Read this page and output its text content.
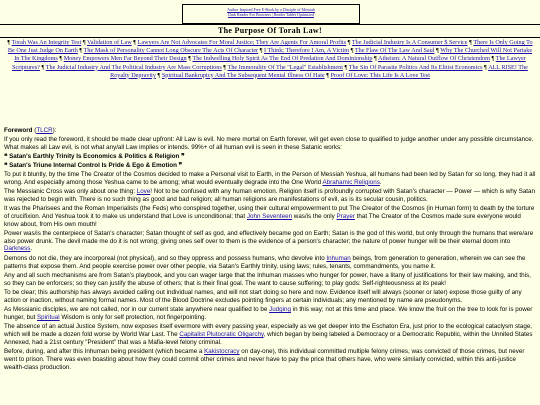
Author Inspired Free E-Book by a Disciple of Messiah
Dark Reader For Browsers | Reader Tablet Optimized
The Purpose Of Torah Law!
¶ Torah Was An Integrity Test ¶ Validation of Law ¶ Lawyers Are Not Advocates For Moral Justice; They Are Agents For Amoral Profits ¶ The Judicial Industry Is A Consumer $ Service ¶ There Is Only Going To Be One Just Judge On Earth ¶ The Mask of Personality Cannot Long Obscure The Acts Of Character ¶ I Think; Therefore I Am, A Victim ¶ The Flaw Of The Law And Saul ¶ Why The Churched Will Not Partake In The Kingdoms ¶ Money Empowers Men Far Beyond Their Design ¶ The Indwelling Holy Spirit As The End Of Predation And Dominionship ¶ Atheism: A Natural Outflow Of Christendom ¶ The Lawyer Scriptures? ¶ The Judicial Industry And The Political Industry Are Mass Corruptions ¶ The Immorality Of The "Legal" Establishment ¶ The Sin Of Parasite Politics And Its Elitist Economics ¶ ALL RISE! The Royalty Depravity ¶ Spiritual Bankruptcy And The Subsequent Mental Illness Of Hate ¶ Proof Of Love: This Life Is A Love Test

Foreword (TLCR):

If you only read the foreword, it should be made clear upfront: All Law is evil. No mere mortal on Earth forever, will get even close to qualified to judge another under any possible circumstance. What makes all Law evil, is not what any/all Law implies or intends. 99%+ of all human evil is seen in these Satanic works:

❝ Satan's Earthly Trinity Is Economics & Politics & Religion ❞

❝ Satan's Triune Internal Control Is Pride & Ego & Emotion ❞

To put it bluntly, by the time The Creator of the Cosmos decided to make a Personal visit to Earth, in the Person of Messiah Yeshua, all humans had been led by Satan for so long, they had it all wrong. And especially among those Yeshua came to be among; what would eventually degrade into the One World Abrahamic Religions.

The Messianic Cross was only about one thing: Love! Not to be confused with any human emotion. Religion itself is profoundly corrupted with Satan's character — Power — which is why Satan was rejected to begin with. There is no such thing as good and bad religion; all human religions are manifestations of evil, as is its secular cousin, politics.

It was the Pharisees and the Roman Imperialists (the Feds) who conspired together, using their cultural empowerment to put The Creator of the Cosmos (in Human form) to death by the torture of crucifixion. And Yeshua took it to make us understand that Love is unconditional; that John Seventeen was/is the only Prayer that The Creator of the Cosmos made sure everyone would know about, from His own mouth!

Power was/is the centerpiece of Satan's character; Satan thought of self as god, and effectively became god on Earth; Satan is the god of this world, but only through the humans that were/are also power drunk. The devil made me do it is not wrong; giving ones self over to them is the evidence of a person's character; the nature of power hunger will be their eternal doom into Darkness.

Demons do not die, they are incorporeal (not physical), and so they oppress and possess humans, who devolve into Inhuman beings, from generation to generation, wherein we can see the patterns that expose them. And people exercise power over other people, via Satan's Earthly trinity, using laws; rules, tenants, commandments, you name it.

Any and all such mechanisms are from Satan's playbook, and you can wager large that the Inhuman masses who hunger for power, have a litany of justifications for their law making, and this, so they can be enforcers; so they can justify the abuse of others; that is their final goal. The want to cause suffering; to play gods: Self-righteousness at its peak!

To be clear; this authorship has always avoided calling out individual names, and will not start doing so here and now. Evidence itself will always (sooner or later) expose those guilty of any action or inaction, without naming formal names. Most of the Blood Doctrine excludes pointing fingers at certain individuals; any mentioned by name are pseudonyms.

As Messianic disciples, we are not called, nor in our current state anywhere near qualified to be Judging in this way; not at this time and place. We know the fruit on the tree to look for is power hunger, but Spiritual Wisdom is only for self protection, not fingerpointing.

The absence of an actual Justice System, now exposes itself evermore with every passing year, especially as we get deeper into the Eschaton Era, just prior to the ecological cataclysm stage, which will be made a dozen fold worse by World War Last. The Capitalist Plutocratic Oligarchy, which began by being labeled a Democracy or a Democratic Republic, within the Unnited States Annexed, had a 21st century "President" that was a Mafia-level felony criminal.

Before, during, and after this Inhuman being president (which became a Kakistocracy on day-one), this individual committed multiple felony crimes, was convicted of those crimes, but never went to prison. There was even boasting about how they could commit other crimes and never have to pay the price that others have, who were similarly convicted, within this anti-justice wealth-class production.
